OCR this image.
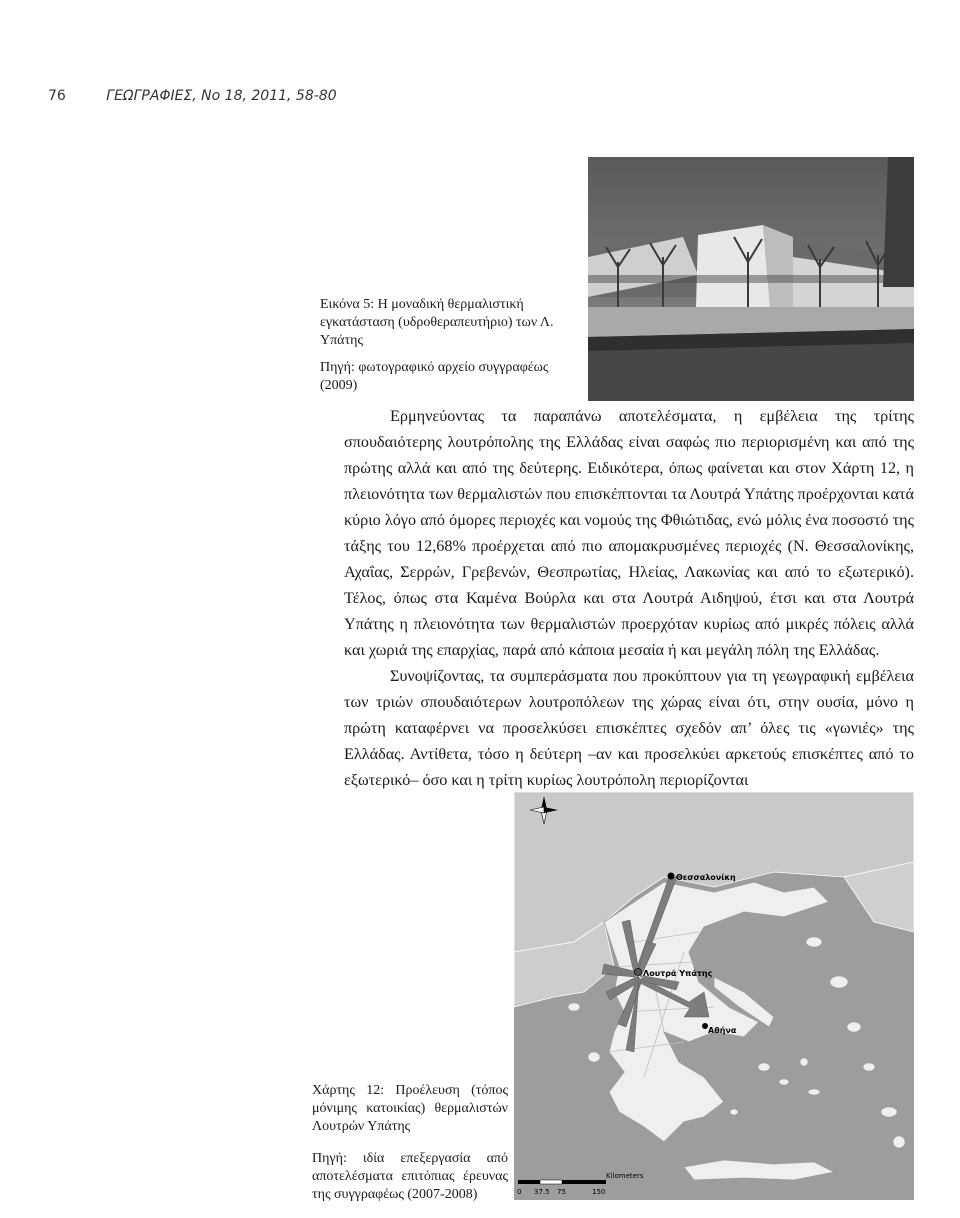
76	ΓΕΩΓΡΑΦΙΕΣ, Νο 18, 2011, 58-80

Εικόνα 5: Η μοναδική θερμαλιστική εγκατάσταση (υδροθεραπευτήριο) των Λ. Υπάτης

Πηγή: φωτογραφικό αρχείο συγγραφέως (2009)

Ερμηνεύοντας τα παραπάνω αποτελέσματα, η εμβέλεια της τρίτης σπουδαιότερης λουτρόπολης της Ελλάδας είναι σαφώς πιο περιορισμένη και από της πρώτης αλλά και από της δεύτερης. Ειδικότερα, όπως φαίνεται και στον Χάρτη 12, η πλειονότητα των θερμαλιστών που επισκέπτονται τα Λουτρά Υπάτης προέρχονται κατά κύριο λόγο από όμορες περιοχές και νομούς της Φθιώτιδας, ενώ μόλις ένα ποσοστό της τάξης του 12,68% προέρχεται από πιο απομακρυσμένες περιοχές (Ν. Θεσσαλονίκης, Αχαΐας, Σερρών, Γρεβενών, Θεσπρωτίας, Ηλείας, Λακωνίας και από το εξωτερικό). Τέλος, όπως στα Καμένα Βούρλα και στα Λουτρά Αιδηψού, έτσι και στα Λουτρά Υπάτης η πλειονότητα των θερμαλιστών προερχόταν κυρίως από μικρές πόλεις αλλά και χωριά της επαρχίας, παρά από κάποια μεσαία ή και μεγάλη πόλη της Ελλάδας.

Συνοψίζοντας, τα συμπεράσματα που προκύπτουν για τη γεωγραφική εμβέλεια των τριών σπουδαιότερων λουτροπόλεων της χώρας είναι ότι, στην ουσία, μόνο η πρώτη καταφέρνει να προσελκύσει επισκέπτες σχεδόν απ’ όλες τις «γωνιές» της Ελλάδας. Αντίθετα, τόσο η δεύτερη –αν και προσελκύει αρκετούς επισκέπτες από το εξωτερικό– όσο και η τρίτη κυρίως λουτρόπολη περιορίζονται

Θεσσαλονίκη
Λουτρά Υπάτης
Αθήνα
Kilometers
0 37.5 75	150

Χάρτης 12: Προέλευση (τόπος μόνιμης κατοικίας) θερμαλιστών Λουτρών Υπάτης

Πηγή: ιδία επεξεργασία από αποτελέσματα επιτόπιας έρευνας της συγγραφέως (2007-2008)
